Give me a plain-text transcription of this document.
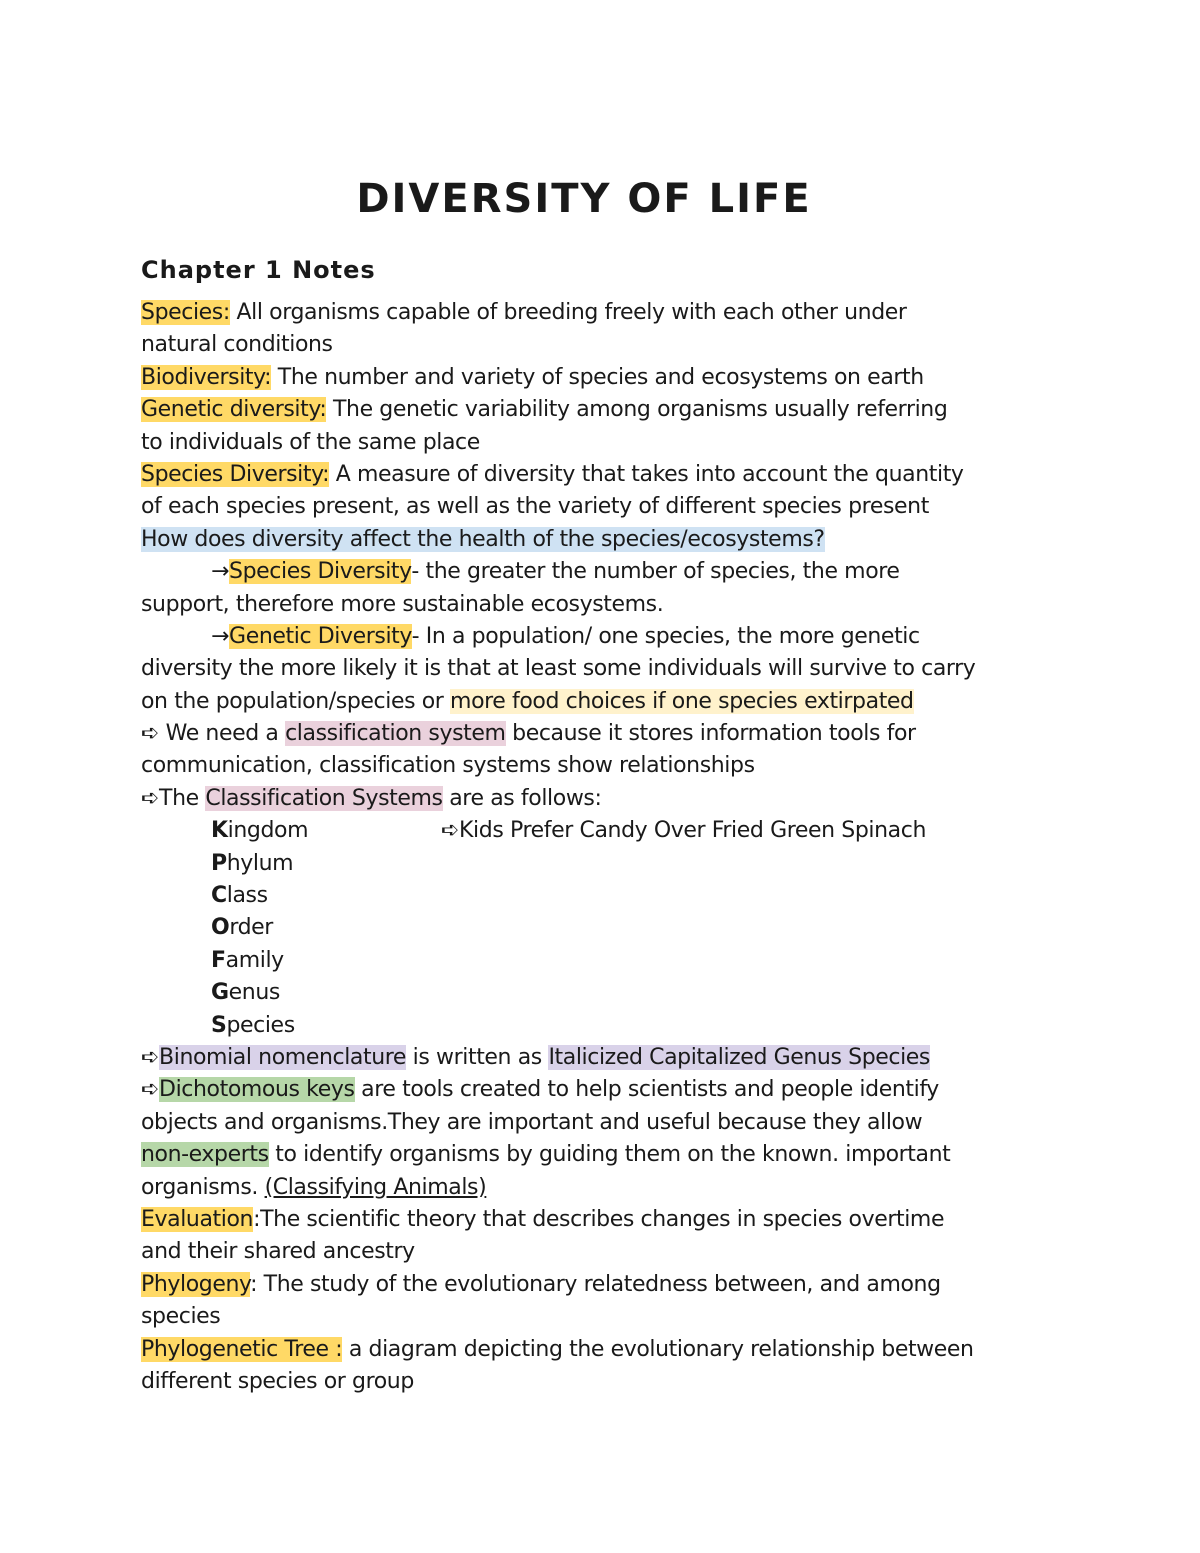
DIVERSITY OF LIFE
Chapter 1 Notes
Species: All organisms capable of breeding freely with each other under
natural conditions
Biodiversity: The number and variety of species and ecosystems on earth
Genetic diversity: The genetic variability among organisms usually referring
to individuals of the same place
Species Diversity: A measure of diversity that takes into account the quantity
of each species present, as well as the variety of different species present
How does diversity affect the health of the species/ecosystems?
→Species Diversity- the greater the number of species, the more
support, therefore more sustainable ecosystems.
→Genetic Diversity- In a population/ one species, the more genetic
diversity the more likely it is that at least some individuals will survive to carry
on the population/species or more food choices if one species extirpated
➪ We need a classification system because it stores information tools for
communication, classification systems show relationships
➪The Classification Systems are as follows:
Kingdom	➪Kids Prefer Candy Over Fried Green Spinach
Phylum
Class
Order
Family
Genus
Species
➪Binomial nomenclature is written as Italicized Capitalized Genus Species
➪Dichotomous keys are tools created to help scientists and people identify
objects and organisms.They are important and useful because they allow
non-experts to identify organisms by guiding them on the known. important
organisms. (Classifying Animals)
Evaluation:The scientific theory that describes changes in species overtime
and their shared ancestry
Phylogeny: The study of the evolutionary relatedness between, and among
species
Phylogenetic Tree : a diagram depicting the evolutionary relationship between
different species or group
